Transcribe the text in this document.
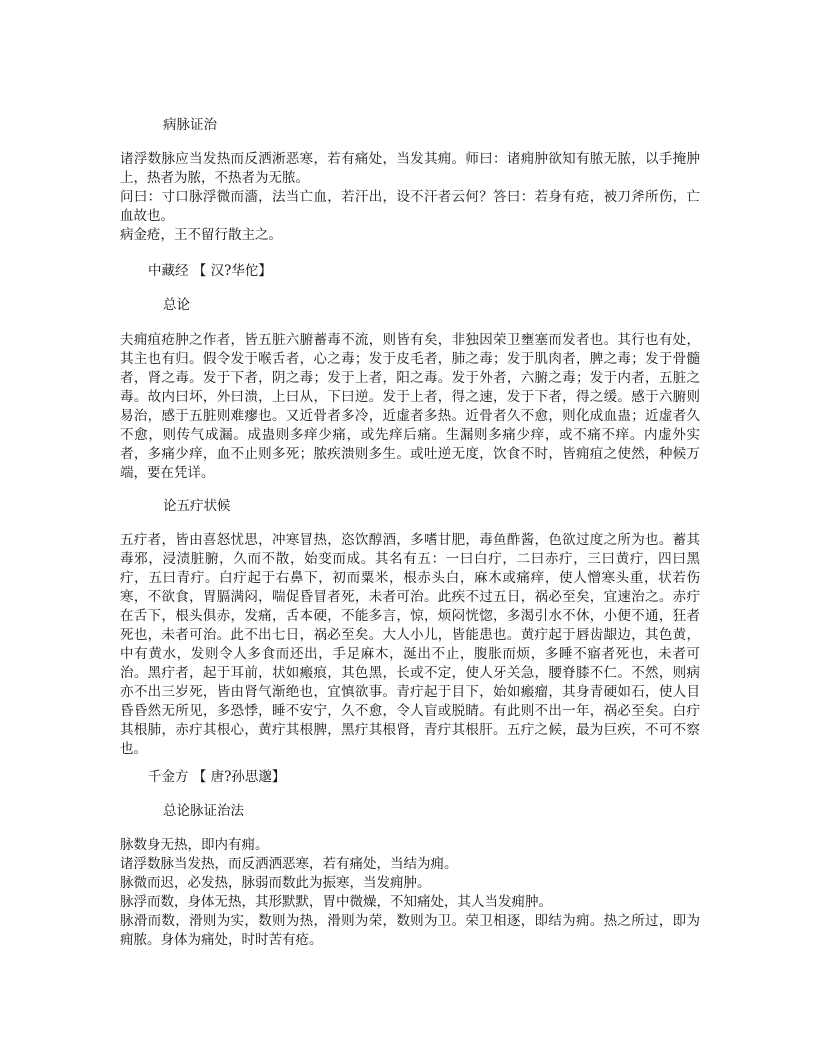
病脉证治

诸浮数脉应当发热而反洒淅恶寒，若有痛处，当发其痈。师曰：诸痈肿欲知有脓无脓，以手掩肿上，热者为脓，不热者为无脓。

问曰：寸口脉浮微而濇，法当亡血，若汗出，设不汗者云何？答曰：若身有疮，被刀斧所伤，亡血故也。

病金疮，王不留行散主之。

中藏经 【 汉?华佗】
总论

夫痈疽疮肿之作者，皆五脏六腑蓄毒不流，则皆有矣，非独因荣卫壅塞而发者也。其行也有处，其主也有归。假令发于喉舌者，心之毒；发于皮毛者，肺之毒；发于肌肉者，脾之毒；发于骨髓者，肾之毒。发于下者，阴之毒；发于上者，阳之毒。发于外者，六腑之毒；发于内者，五脏之毒。故内曰坏，外曰溃，上曰从，下曰逆。发于上者，得之速，发于下者，得之缓。感于六腑则易治，感于五脏则难瘳也。又近骨者多冷，近虚者多热。近骨者久不愈，则化成血蛊；近虚者久不愈，则传气成漏。成蛊则多痒少痛，或先痒后痛。生漏则多痛少痒，或不痛不痒。内虚外实者，多痛少痒，血不止则多死；脓疾溃则多生。或吐逆无度，饮食不时，皆痈疽之使然，种候万端，要在凭详。

论五疔状候

五疔者，皆由喜怒忧思，冲寒冒热，恣饮醇酒，多嗜甘肥，毒鱼酢酱，色欲过度之所为也。蓄其毒邪，浸渍脏腑，久而不散，始变而成。其名有五：一曰白疔，二曰赤疔，三曰黄疔，四曰黑疔，五曰青疔。白疔起于右鼻下，初而粟米，根赤头白，麻木或痛痒，使人憎寒头重，状若伤寒，不欲食，胃膈满闷，喘促昏冒者死，未者可治。此疾不过五日，祸必至矣，宜速治之。赤疔在舌下，根头俱赤，发痛，舌本硬，不能多言，惊，烦闷恍惚，多渴引水不休，小便不通，狂者死也，未者可治。此不出七日，祸必至矣。大人小儿，皆能患也。黄疔起于唇齿龈边，其色黄，中有黄水，发则令人多食而还出，手足麻木，涎出不止，腹胀而烦，多睡不寤者死也，未者可治。黑疔者，起于耳前，状如瘢痕，其色黑，长或不定，使人牙关急，腰脊膝不仁。不然，则病亦不出三岁死，皆由肾气渐绝也，宜慎欲事。青疔起于目下，始如瘢瘤，其身青硬如石，使人目昏昏然无所见，多恐悸，睡不安宁，久不愈，令人盲或脱睛。有此则不出一年，祸必至矣。白疔其根肺，赤疔其根心，黄疔其根脾，黑疔其根肾，青疔其根肝。五疔之候，最为巨疾，不可不察也。

千金方 【 唐?孙思邈】
总论脉证治法

脉数身无热，即内有痈。

诸浮数脉当发热，而反洒洒恶寒，若有痛处，当结为痈。

脉微而迟，必发热，脉弱而数此为振寒，当发痈肿。

脉浮而数，身体无热，其形默默，胃中微燥，不知痛处，其人当发痈肿。

脉滑而数，滑则为实，数则为热，滑则为荣，数则为卫。荣卫相逐，即结为痈。热之所过，即为痈脓。身体为痛处，时时苦有疮。
